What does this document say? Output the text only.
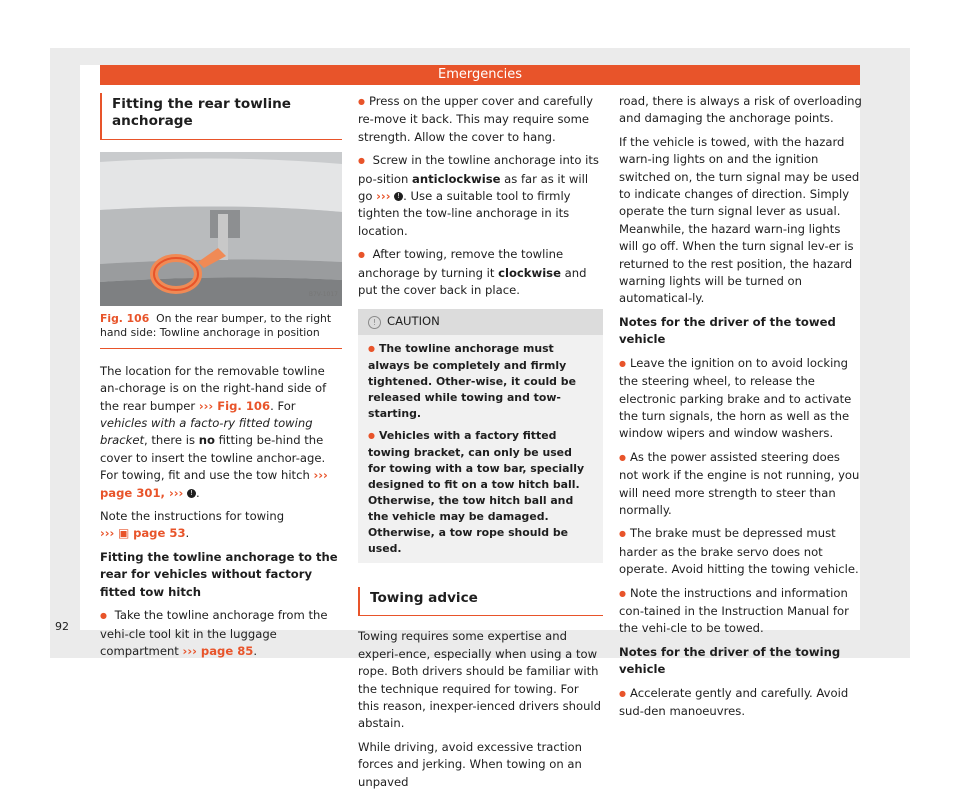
Emergencies
92
Fitting the rear towline anchorage
B7V-1017
Fig. 106 On the rear bumper, to the right hand side: Towline anchorage in position

The location for the removable towline an-chorage is on the right-hand side of the rear bumper ››› Fig. 106. For vehicles with a facto-ry fitted towing bracket, there is no fitting be-hind the cover to insert the towline anchor-age. For towing, fit and use the tow hitch ››› page 301, ››› ! .

Note the instructions for towing
››› ▣ page 53.

Fitting the towline anchorage to the rear for vehicles without factory fitted tow hitch

● Take the towline anchorage from the vehi-cle tool kit in the luggage compartment ››› page 85.

● Press on the upper cover and carefully re-move it back. This may require some strength. Allow the cover to hang.

● Screw in the towline anchorage into its po-sition anticlockwise as far as it will go ››› ! . Use a suitable tool to firmly tighten the tow-line anchorage in its location.

● After towing, remove the towline anchorage by turning it clockwise and put the cover back in place.

! CAUTION

● The towline anchorage must always be completely and firmly tightened. Other-wise, it could be released while towing and tow-starting.

● Vehicles with a factory fitted towing bracket, can only be used for towing with a tow bar, specially designed to fit on a tow hitch ball. Otherwise, the tow hitch ball and the vehicle may be damaged. Otherwise, a tow rope should be used.

Towing advice

Towing requires some expertise and experi-ence, especially when using a tow rope. Both drivers should be familiar with the technique required for towing. For this reason, inexper-ienced drivers should abstain.

While driving, avoid excessive traction forces and jerking. When towing on an unpaved

road, there is always a risk of overloading and damaging the anchorage points.

If the vehicle is towed, with the hazard warn-ing lights on and the ignition switched on, the turn signal may be used to indicate changes of direction. Simply operate the turn signal lever as usual. Meanwhile, the hazard warn-ing lights will go off. When the turn signal lev-er is returned to the rest position, the hazard warning lights will be turned on automatical-ly.

Notes for the driver of the towed vehicle

● Leave the ignition on to avoid locking the steering wheel, to release the electronic parking brake and to activate the turn signals, the horn as well as the window wipers and window washers.

● As the power assisted steering does not work if the engine is not running, you will need more strength to steer than normally.

● The brake must be depressed must harder as the brake servo does not operate. Avoid hitting the towing vehicle.

● Note the instructions and information con-tained in the Instruction Manual for the vehi-cle to be towed.

Notes for the driver of the towing vehicle

● Accelerate gently and carefully. Avoid sud-den manoeuvres.
